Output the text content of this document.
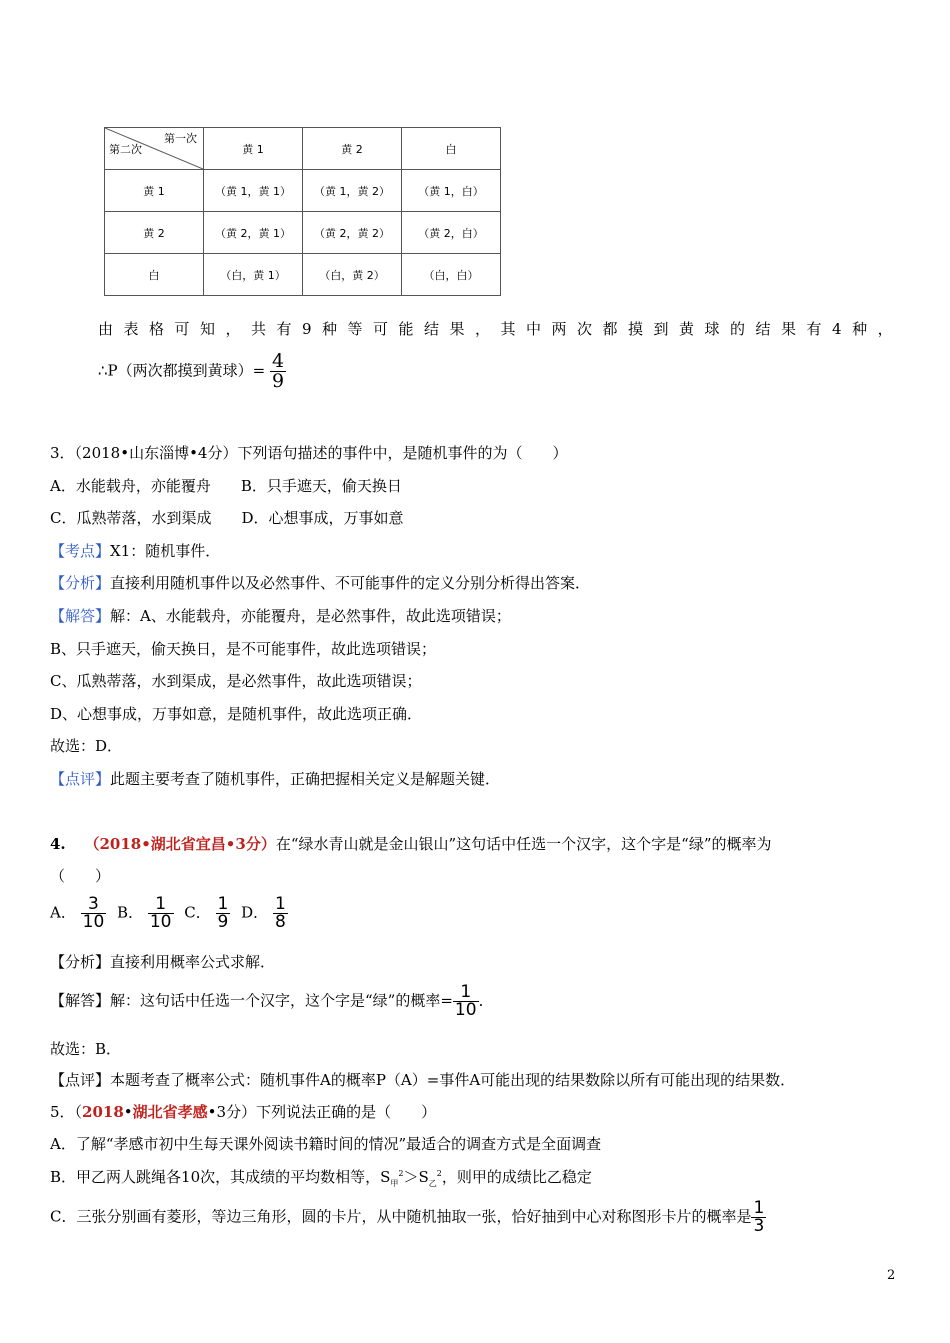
第一次
第二次	黄 1	黄 2	白
黄 1	（黄 1，黄 1）	（黄 1，黄 2）	（黄 1，白）
黄 2	（黄 2，黄 1）	（黄 2，黄 2）	（黄 2，白）
白	（白，黄 1）	（白，黄 2）	（白，白）
由表格可知，共有9种等可能结果，其中两次都摸到黄球的结果有4种，
∴P（两次都摸到黄球）= $\frac{4}{9}$
3．（2018•山东淄博•4分）下列语句描述的事件中，是随机事件的为（　　）
A．水能载舟，亦能覆舟　　B．只手遮天，偷天换日
C．瓜熟蒂落，水到渠成　　D．心想事成，万事如意
【考点】X1：随机事件．
【分析】直接利用随机事件以及必然事件、不可能事件的定义分别分析得出答案．
【解答】解：A、水能载舟，亦能覆舟，是必然事件，故此选项错误；
B、只手遮天，偷天换日，是不可能事件，故此选项错误；
C、瓜熟蒂落，水到渠成，是必然事件，故此选项错误；
D、心想事成，万事如意，是随机事件，故此选项正确．
故选：D．
【点评】此题主要考查了随机事件，正确把握相关定义是解题关键．
4. （2018•湖北省宜昌•3分）在“绿水青山就是金山银山”这句话中任选一个汉字，这个字是“绿”的概率为
（　　）
A． $\frac{3}{10}$ B． $\frac{1}{10}$ C． $\frac{1}{9}$ D． $\frac{1}{8}$
【分析】直接利用概率公式求解．
【解答】解：这句话中任选一个汉字，这个字是“绿”的概率= $\frac{1}{10}$ ．
故选：B．
【点评】本题考查了概率公式：随机事件A的概率P（A）=事件A可能出现的结果数除以所有可能出现的结果数．
5．（2018•湖北省孝感•3分）下列说法正确的是（　　）
A．了解“孝感市初中生每天课外阅读书籍时间的情况”最适合的调查方式是全面调查
B．甲乙两人跳绳各10次，其成绩的平均数相等，$S_甲^2>S_乙^2$，则甲的成绩比乙稳定
C．三张分别画有菱形，等边三角形，圆的卡片，从中随机抽取一张，恰好抽到中心对称图形卡片的概率是 $\frac{1}{3}$
2
